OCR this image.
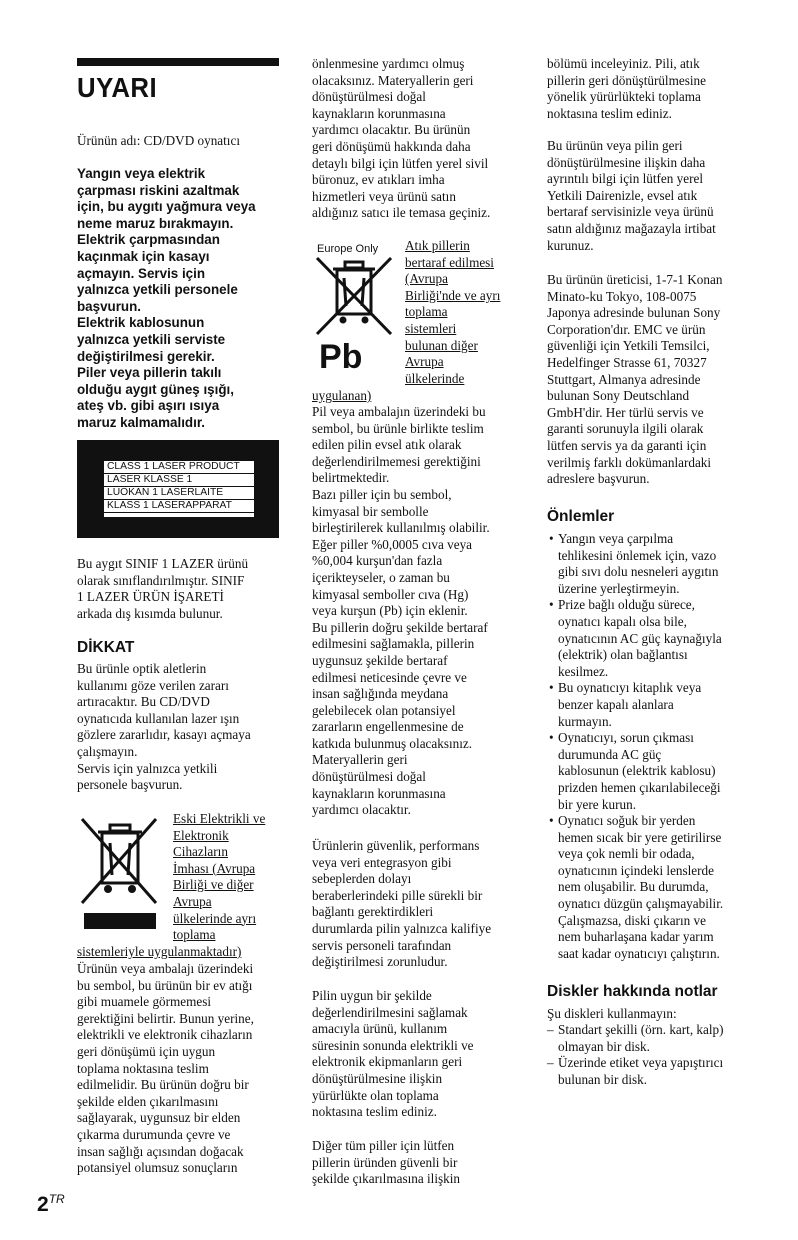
UYARI

Ürünün adı: CD/DVD oynatıcı

Yangın veya elektrik
çarpması riskini azaltmak
için, bu aygıtı yağmura veya
neme maruz bırakmayın.
Elektrik çarpmasından
kaçınmak için kasayı
açmayın. Servis için
yalnızca yetkili personele
başvurun.
Elektrik kablosunun
yalnızca yetkili serviste
değiştirilmesi gerekir.
Piler veya pillerin takılı
olduğu aygıt güneş ışığı,
ateş vb. gibi aşırı ısıya
maruz kalmamalıdır.
CLASS 1 LASER PRODUCT
LASER KLASSE 1
LUOKAN 1 LASERLAITE
KLASS 1 LASERAPPARAT
Bu aygıt SINIF 1 LAZER ürünü
olarak sınıflandırılmıştır. SINIF
1 LAZER ÜRÜN İŞARETİ
arkada dış kısımda bulunur.
DİKKAT
Bu ürünle optik aletlerin
kullanımı göze verilen zararı
artıracaktır. Bu CD/DVD
oynatıcıda kullanılan lazer ışın
gözlere zararlıdır, kasayı açmaya
çalışmayın.
Servis için yalnızca yetkili
personele başvurun.
Eski Elektrikli ve
Elektronik
Cihazların
İmhası (Avrupa
Birliği ve diğer
Avrupa
ülkelerinde ayrı
toplama

sistemleriyle uygulanmaktadır)

Ürünün veya ambalajı üzerindeki
bu sembol, bu ürünün bir ev atığı
gibi muamele görmemesi
gerektiğini belirtir. Bunun yerine,
elektrikli ve elektronik cihazların
geri dönüşümü için uygun
toplama noktasına teslim
edilmelidir. Bu ürünün doğru bir
şekilde elden çıkarılmasını
sağlayarak, uygunsuz bir elden
çıkarma durumunda çevre ve
insan sağlığı açısından doğacak
potansiyel olumsuz sonuçların
önlenmesine yardımcı olmuş
olacaksınız. Materyallerin geri
dönüştürülmesi doğal
kaynakların korunmasına
yardımcı olacaktır. Bu ürünün
geri dönüşümü hakkında daha
detaylı bilgi için lütfen yerel sivil
büronuz, ev atıkları imha
hizmetleri veya ürünü satın
aldığınız satıcı ile temasa geçiniz.
Europe Only
Pb
Atık pillerin
bertaraf edilmesi
(Avrupa
Birliği'nde ve ayrı
toplama
sistemleri
bulunan diğer
Avrupa
ülkelerinde

uygulanan)

Pil veya ambalajın üzerindeki bu
sembol, bu ürünle birlikte teslim
edilen pilin evsel atık olarak
değerlendirilmemesi gerektiğini
belirtmektedir.
Bazı piller için bu sembol,
kimyasal bir sembolle
birleştirilerek kullanılmış olabilir.
Eğer piller %0,0005 cıva veya
%0,004 kurşun'dan fazla
içerikteyseler, o zaman bu
kimyasal semboller cıva (Hg)
veya kurşun (Pb) için eklenir.
Bu pillerin doğru şekilde bertaraf
edilmesini sağlamakla, pillerin
uygunsuz şekilde bertaraf
edilmesi neticesinde çevre ve
insan sağlığında meydana
gelebilecek olan potansiyel
zararların engellenmesine de
katkıda bulunmuş olacaksınız.
Materyallerin geri
dönüştürülmesi doğal
kaynakların korunmasına
yardımcı olacaktır.
Ürünlerin güvenlik, performans
veya veri entegrasyon gibi
sebeplerden dolayı
beraberlerindeki pille sürekli bir
bağlantı gerektirdikleri
durumlarda pilin yalnızca kalifiye
servis personeli tarafından
değiştirilmesi zorunludur.
Pilin uygun bir şekilde
değerlendirilmesini sağlamak
amacıyla ürünü, kullanım
süresinin sonunda elektrikli ve
elektronik ekipmanların geri
dönüştürülmesine ilişkin
yürürlükte olan toplama
noktasına teslim ediniz.
Diğer tüm piller için lütfen
pillerin üründen güvenli bir
şekilde çıkarılmasına ilişkin
bölümü inceleyiniz. Pili, atık
pillerin geri dönüştürülmesine
yönelik yürürlükteki toplama
noktasına teslim ediniz.
Bu ürünün veya pilin geri
dönüştürülmesine ilişkin daha
ayrıntılı bilgi için lütfen yerel
Yetkili Dairenizle, evsel atık
bertaraf servisinizle veya ürünü
satın aldığınız mağazayla irtibat
kurunuz.
Bu ürünün üreticisi, 1-7-1 Konan
Minato-ku Tokyo, 108-0075
Japonya adresinde bulunan Sony
Corporation'dır. EMC ve ürün
güvenliği için Yetkili Temsilci,
Hedelfinger Strasse 61, 70327
Stuttgart, Almanya adresinde
bulunan Sony Deutschland
GmbH'dir. Her türlü servis ve
garanti sorunuyla ilgili olarak
lütfen servis ya da garanti için
verilmiş farklı dokümanlardaki
adreslere başvurun.
Önlemler
• Yangın veya çarpılma
tehlikesini önlemek için, vazo
gibi sıvı dolu nesneleri aygıtın
üzerine yerleştirmeyin.
• Prize bağlı olduğu sürece,
oynatıcı kapalı olsa bile,
oynatıcının AC güç kaynağıyla
(elektrik) olan bağlantısı
kesilmez.
• Bu oynatıcıyı kitaplık veya
benzer kapalı alanlara
kurmayın.
• Oynatıcıyı, sorun çıkması
durumunda AC güç
kablosunun (elektrik kablosu)
prizden hemen çıkarılabileceği
bir yere kurun.
• Oynatıcı soğuk bir yerden
hemen sıcak bir yere getirilirse
veya çok nemli bir odada,
oynatıcının içindeki lenslerde
nem oluşabilir. Bu durumda,
oynatıcı düzgün çalışmayabilir.
Çalışmazsa, diski çıkarın ve
nem buharlaşana kadar yarım
saat kadar oynatıcıyı çalıştırın.
Diskler hakkında notlar

Şu diskleri kullanmayın:

– Standart şekilli (örn. kart, kalp)
olmayan bir disk.
– Üzerinde etiket veya yapıştırıcı
bulunan bir disk.
$2^{TR}$
